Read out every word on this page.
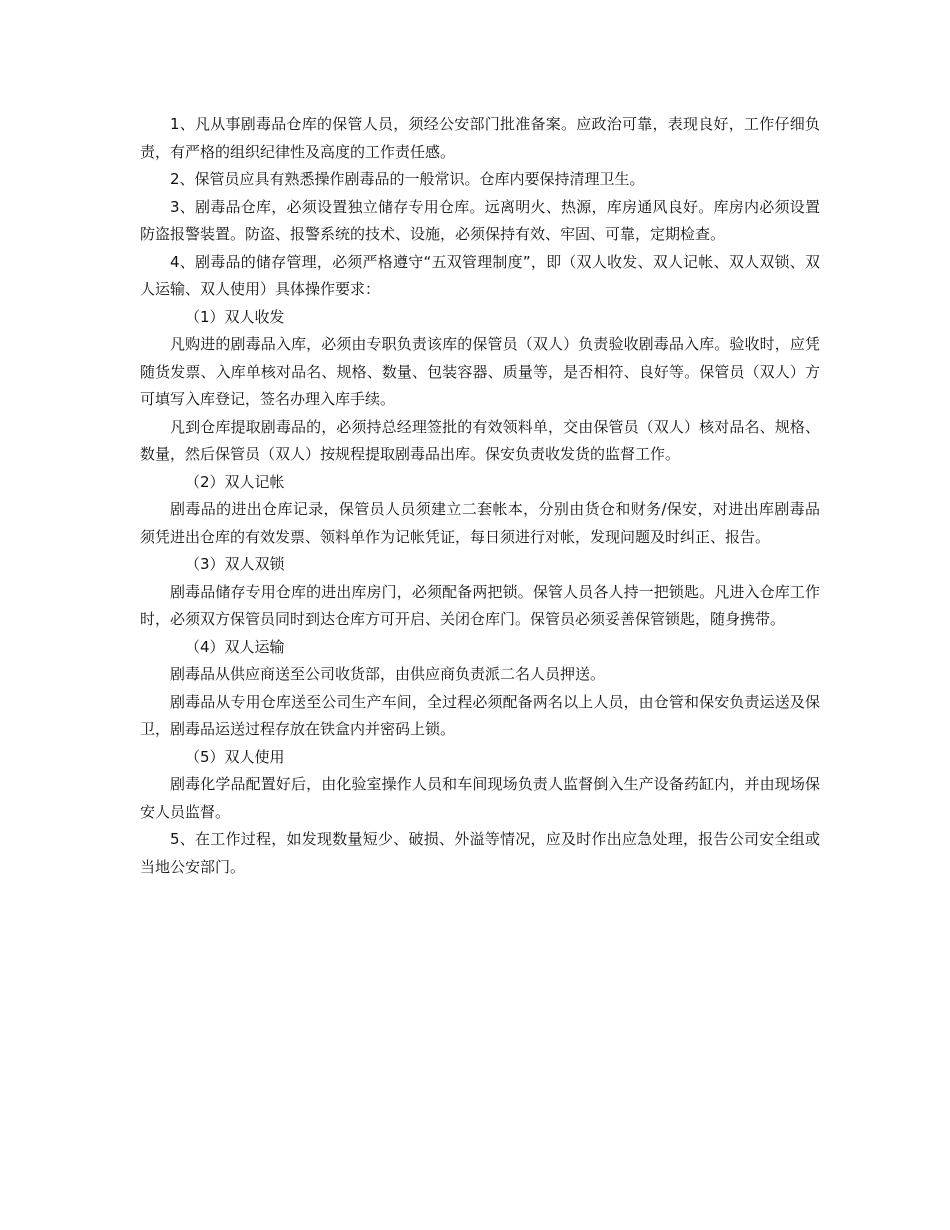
1、凡从事剧毒品仓库的保管人员，须经公安部门批准备案。应政治可靠，表现良好，工作仔细负责，有严格的组织纪律性及高度的工作责任感。

2、保管员应具有熟悉操作剧毒品的一般常识。仓库内要保持清理卫生。

3、剧毒品仓库，必须设置独立储存专用仓库。远离明火、热源，库房通风良好。库房内必须设置防盗报警装置。防盗、报警系统的技术、设施，必须保持有效、牢固、可靠，定期检查。

4、剧毒品的储存管理，必须严格遵守“五双管理制度”，即（双人收发、双人记帐、双人双锁、双人运输、双人使用）具体操作要求：

（1）双人收发

凡购进的剧毒品入库，必须由专职负责该库的保管员（双人）负责验收剧毒品入库。验收时，应凭随货发票、入库单核对品名、规格、数量、包装容器、质量等，是否相符、良好等。保管员（双人）方可填写入库登记，签名办理入库手续。

凡到仓库提取剧毒品的，必须持总经理签批的有效领料单，交由保管员（双人）核对品名、规格、数量，然后保管员（双人）按规程提取剧毒品出库。保安负责收发货的监督工作。

（2）双人记帐

剧毒品的进出仓库记录，保管员人员须建立二套帐本，分别由货仓和财务/保安，对进出库剧毒品须凭进出仓库的有效发票、领料单作为记帐凭证，每日须进行对帐，发现问题及时纠正、报告。

（3）双人双锁

剧毒品储存专用仓库的进出库房门，必须配备两把锁。保管人员各人持一把锁匙。凡进入仓库工作时，必须双方保管员同时到达仓库方可开启、关闭仓库门。保管员必须妥善保管锁匙，随身携带。

（4）双人运输

剧毒品从供应商送至公司收货部，由供应商负责派二名人员押送。

剧毒品从专用仓库送至公司生产车间，全过程必须配备两名以上人员，由仓管和保安负责运送及保卫，剧毒品运送过程存放在铁盒内并密码上锁。

（5）双人使用

剧毒化学品配置好后，由化验室操作人员和车间现场负责人监督倒入生产设备药缸内，并由现场保安人员监督。

5、在工作过程，如发现数量短少、破损、外溢等情况，应及时作出应急处理，报告公司安全组或当地公安部门。
